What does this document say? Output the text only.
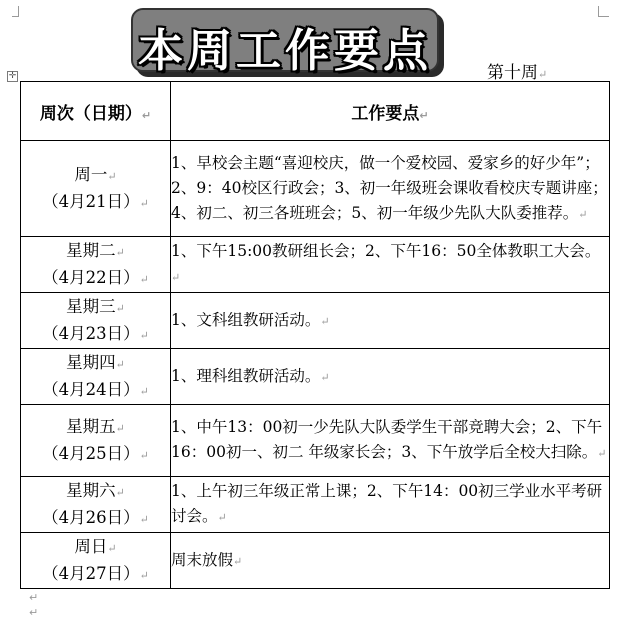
本周工作要点	第十周↵
✛
周次（日期）↵	工作要点↵
周一↵
（4月21日）↵	1、早校会主题“喜迎校庆，做一个爱校园、爱家乡的好少年”；2、9：40校区行政会；3、初一年级班会课收看校庆专题讲座；4、初二、初三各班班会；5、初一年级少先队大队委推荐。↵
星期二↵
（4月22日）↵	1、下午15:00教研组长会；2、下午16：50全体教职工大会。↵
星期三↵
（4月23日）↵	1、文科组教研活动。↵
星期四↵
（4月24日）↵	1、理科组教研活动。↵
星期五↵
（4月25日）↵	1、中午13：00初一少先队大队委学生干部竞聘大会；2、下午16：00初一、初二 年级家长会；3、下午放学后全校大扫除。↵
星期六↵
（4月26日）↵	1、上午初三年级正常上课；2、下午14：00初三学业水平考研讨会。↵
周日↵
（4月27日）↵	周末放假↵
↵
↵
